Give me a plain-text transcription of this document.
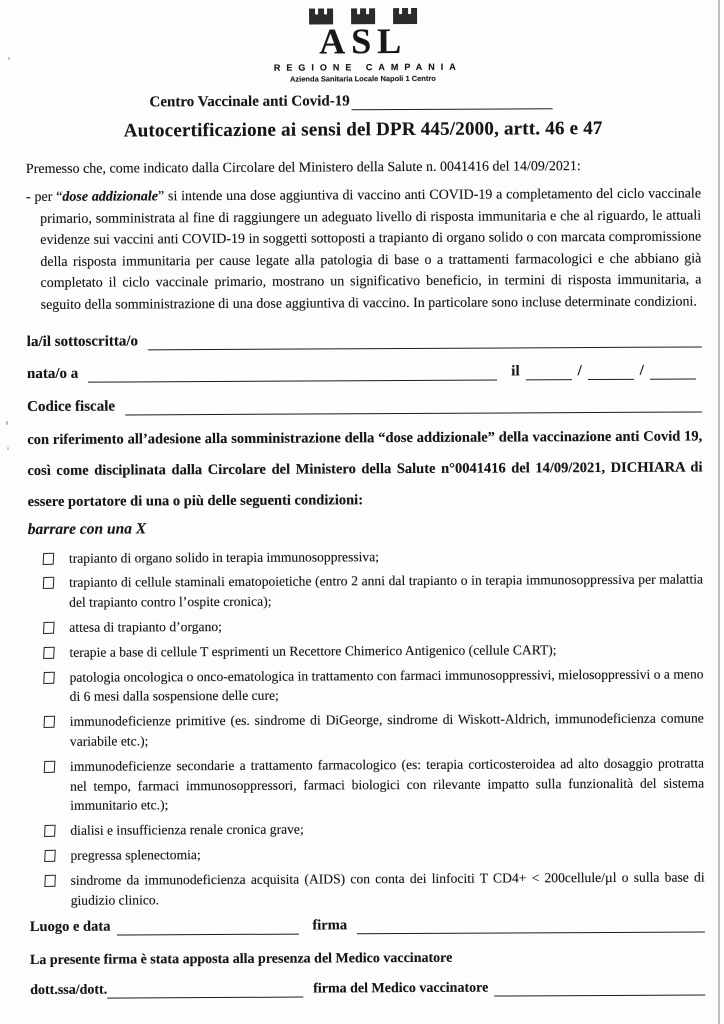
ASL
REGIONE CAMPANIA
Azienda Sanitaria Locale Napoli 1 Centro
Centro Vaccinale anti Covid-19
Autocertificazione ai sensi del DPR 445/2000, artt. 46 e 47
Premesso che, come indicato dalla Circolare del Ministero della Salute n. 0041416 del 14/09/2021:
- per “dose addizionale” si intende una dose aggiuntiva di vaccino anti COVID-19 a completamento del ciclo vaccinale primario, somministrata al fine di raggiungere un adeguato livello di risposta immunitaria e che al riguardo, le attuali evidenze sui vaccini anti COVID-19 in soggetti sottoposti a trapianto di organo solido o con marcata compromissione della risposta immunitaria per cause legate alla patologia di base o a trattamenti farmacologici e che abbiano già completato il ciclo vaccinale primario, mostrano un significativo beneficio, in termini di risposta immunitaria, a seguito della somministrazione di una dose aggiuntiva di vaccino. In particolare sono incluse determinate condizioni.
la/il sottoscritta/o
nata/o a	il	/	/
Codice fiscale
con riferimento all’adesione alla somministrazione della “dose addizionale” della vaccinazione anti Covid 19, così come disciplinata dalla Circolare del Ministero della Salute n°0041416 del 14/09/2021, DICHIARA di essere portatore di una o più delle seguenti condizioni:
barrare con una X
trapianto di organo solido in terapia immunosoppressiva;
trapianto di cellule staminali ematopoietiche (entro 2 anni dal trapianto o in terapia immunosoppressiva per malattia del trapianto contro l’ospite cronica);
attesa di trapianto d’organo;
terapie a base di cellule T esprimenti un Recettore Chimerico Antigenico (cellule CART);
patologia oncologica o onco-ematologica in trattamento con farmaci immunosoppressivi, mielosoppressivi o a meno di 6 mesi dalla sospensione delle cure;
immunodeficienze primitive (es. sindrome di DiGeorge, sindrome di Wiskott-Aldrich, immunodeficienza comune variabile etc.);
immunodeficienze secondarie a trattamento farmacologico (es: terapia corticosteroidea ad alto dosaggio protratta nel tempo, farmaci immunosoppressori, farmaci biologici con rilevante impatto sulla funzionalità del sistema immunitario etc.);
dialisi e insufficienza renale cronica grave;
pregressa splenectomia;
sindrome da immunodeficienza acquisita (AIDS) con conta dei linfociti T CD4+ < 200cellule/µl o sulla base di giudizio clinico.
Luogo e data	firma
La presente firma è stata apposta alla presenza del Medico vaccinatore
dott.ssa/dott.	firma del Medico vaccinatore
